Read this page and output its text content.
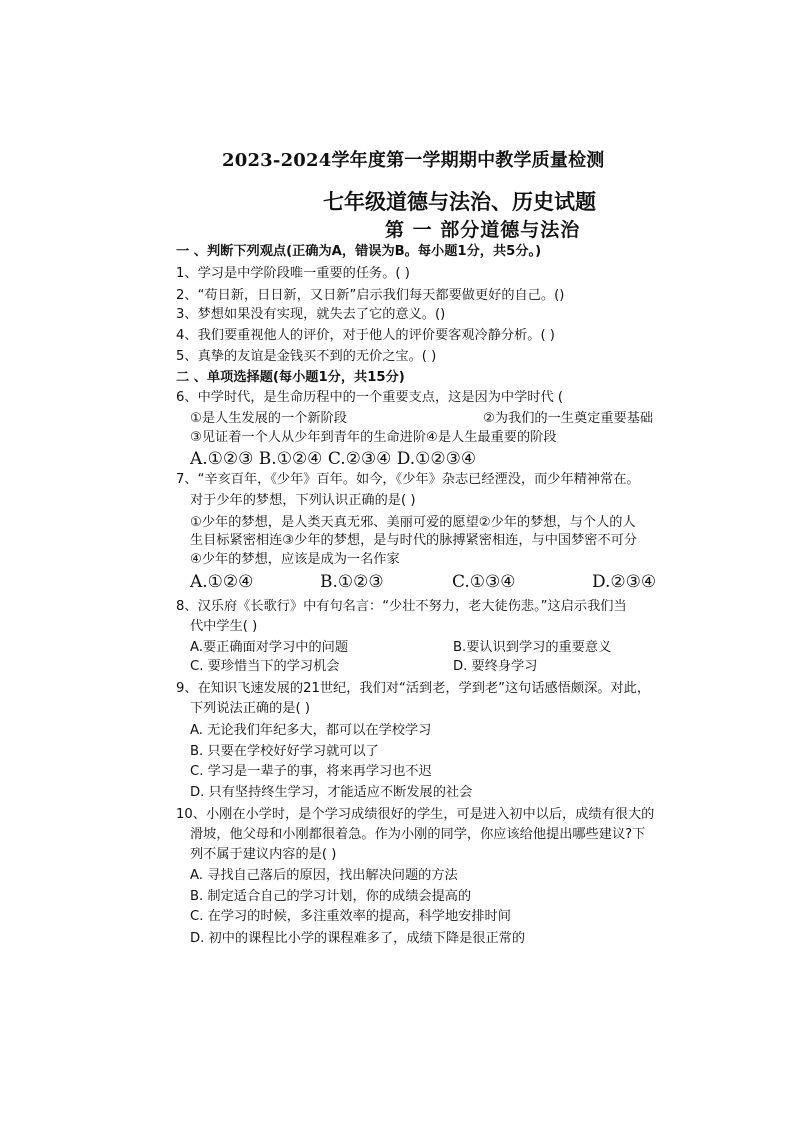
2023-2024学年度第一学期期中教学质量检测
七年级道德与法治、历史试题
第 一 部分道德与法治
一 、判断下列观点(正确为A，错误为B。每小题1分，共5分。)
1、学习是中学阶段唯一重要的任务。( )
2、“苟日新，日日新，又日新”启示我们每天都要做更好的自己。()
3、梦想如果没有实现，就失去了它的意义。()
4、我们要重视他人的评价，对于他人的评价要客观冷静分析。( )
5、真挚的友谊是金钱买不到的无价之宝。( )
二 、单项选择题(每小题1分，共15分)
6、中学时代，是生命历程中的一个重要支点，这是因为中学时代 (
①是人生发展的一个新阶段	②为我们的一生奠定重要基础
③见证着一个人从少年到青年的生命进阶④是人生最重要的阶段
A.①②③ B.①②④ C.②③④ D.①②③④
7、“辛亥百年，《少年》百年。如今，《少年》杂志已经湮没，而少年精神常在。
对于少年的梦想，下列认识正确的是( )
①少年的梦想，是人类天真无邪、美丽可爱的愿望②少年的梦想，与个人的人
生目标紧密相连③少年的梦想，是与时代的脉搏紧密相连，与中国梦密不可分
④少年的梦想，应该是成为一名作家
A.①②④	B.①②③	C.①③④	D.②③④
8、汉乐府《长歌行》中有句名言：“少壮不努力，老大徒伤悲。”这启示我们当
代中学生( )
A.要正确面对学习中的问题	B.要认识到学习的重要意义
C. 要珍惜当下的学习机会	D. 要终身学习
9、在知识飞速发展的21世纪，我们对“活到老，学到老”这句话感悟颇深。对此，
下列说法正确的是( )
A. 无论我们年纪多大，都可以在学校学习
B. 只要在学校好好学习就可以了
C. 学习是一辈子的事，将来再学习也不迟
D. 只有坚持终生学习，才能适应不断发展的社会
10、小刚在小学时，是个学习成绩很好的学生，可是进入初中以后，成绩有很大的
滑坡，他父母和小刚都很着急。作为小刚的同学，你应该给他提出哪些建议?下
列不属于建议内容的是( )
A. 寻找自己落后的原因，找出解决问题的方法
B. 制定适合自己的学习计划，你的成绩会提高的
C. 在学习的时候，多注重效率的提高，科学地安排时间
D. 初中的课程比小学的课程难多了，成绩下降是很正常的
